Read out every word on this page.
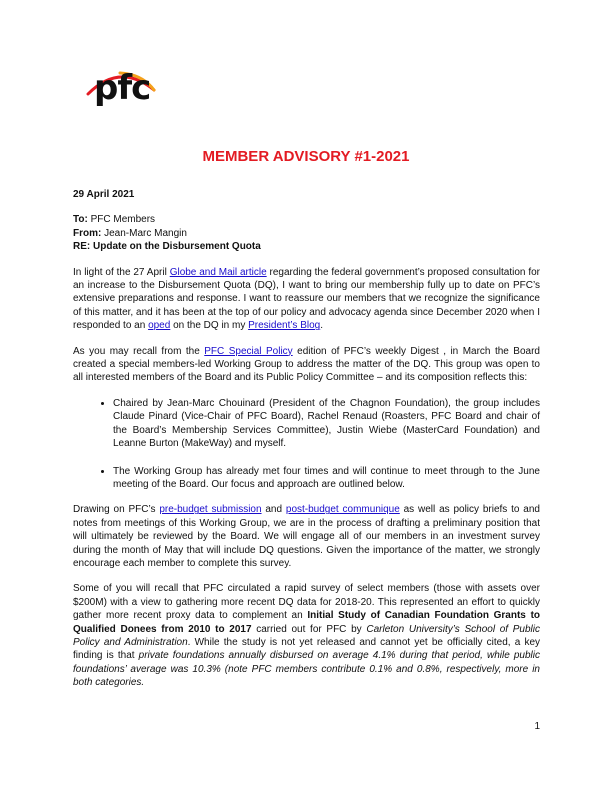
pfc
MEMBER ADVISORY #1-2021
29 April 2021
To: PFC Members
From: Jean-Marc Mangin
RE: Update on the Disbursement Quota

In light of the 27 April Globe and Mail article regarding the federal government’s proposed consultation for an increase to the Disbursement Quota (DQ), I want to bring our membership fully up to date on PFC’s extensive preparations and response. I want to reassure our members that we recognize the significance of this matter, and it has been at the top of our policy and advocacy agenda since December 2020 when I responded to an oped on the DQ in my President’s Blog.

As you may recall from the PFC Special Policy edition of PFC’s weekly Digest , in March the Board created a special members-led Working Group to address the matter of the DQ. This group was open to all interested members of the Board and its Public Policy Committee – and its composition reflects this:

• Chaired by Jean-Marc Chouinard (President of the Chagnon Foundation), the group includes Claude Pinard (Vice-Chair of PFC Board), Rachel Renaud (Roasters, PFC Board and chair of the Board’s Membership Services Committee), Justin Wiebe (MasterCard Foundation) and Leanne Burton (MakeWay) and myself.
• The Working Group has already met four times and will continue to meet through to the June meeting of the Board. Our focus and approach are outlined below.

Drawing on PFC’s pre-budget submission and post-budget communique as well as policy briefs to and notes from meetings of this Working Group, we are in the process of drafting a preliminary position that will ultimately be reviewed by the Board. We will engage all of our members in an investment survey during the month of May that will include DQ questions. Given the importance of the matter, we strongly encourage each member to complete this survey.

Some of you will recall that PFC circulated a rapid survey of select members (those with assets over $200M) with a view to gathering more recent DQ data for 2018-20. This represented an effort to quickly gather more recent proxy data to complement an Initial Study of Canadian Foundation Grants to Qualified Donees from 2010 to 2017 carried out for PFC by Carleton University’s School of Public Policy and Administration. While the study is not yet released and cannot yet be officially cited, a key finding is that private foundations annually disbursed on average 4.1% during that period, while public foundations’ average was 10.3% (note PFC members contribute 0.1% and 0.8%, respectively, more in both categories.

1
